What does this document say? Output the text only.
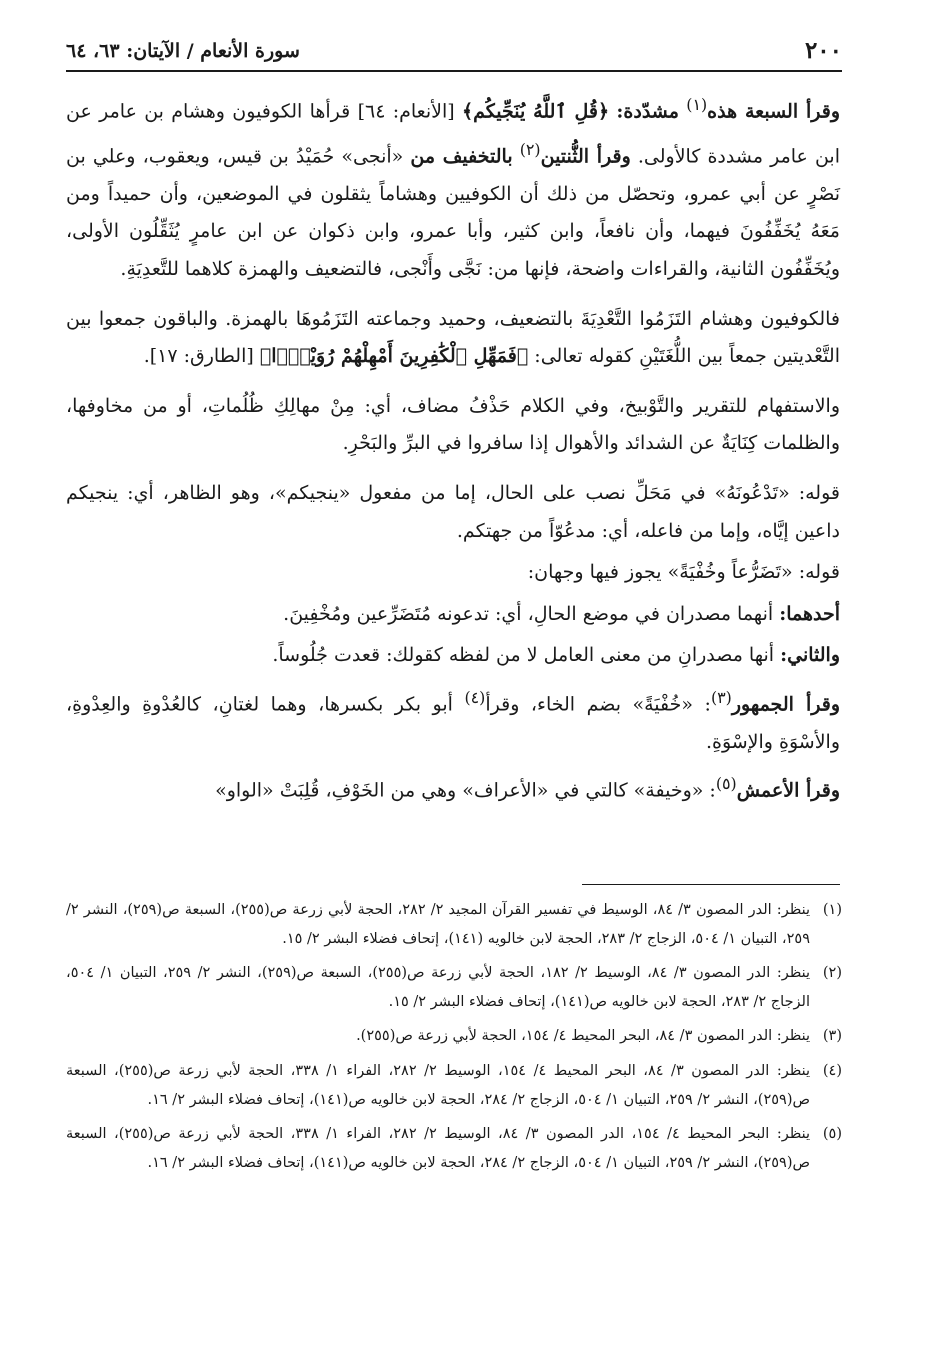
٢٠٠
سورة الأنعام / الآيتان: ٦٣، ٦٤

وقرأ السبعة هذه$^{(١)}$ مشدّدة: ﴿قُلِ ٱللَّهُ يُنَجِّيكُم﴾ [الأنعام: ٦٤] قرأها الكوفيون وهشام بن عامر عن ابن عامر مشددة كالأولى. وقرأ الثُّنتين$^{(٢)}$ بالتخفيف من «أنجى» حُمَيْدُ بن قيس، ويعقوب، وعلي بن نَصْرٍ عن أبي عمرو، وتحصّل من ذلك أن الكوفيين وهشاماً يثقلون في الموضعين، وأن حميداً ومن مَعَهُ يُخَفِّفُونَ فيهما، وأن نافعاً، وابن كثير، وأبا عمرو، وابن ذكوان عن ابن عامرٍ يُثَقِّلُون الأولى، ويُخَفِّفُون الثانية، والقراءات واضحة، فإنها من: نَجَّى وأَنْجى، فالتضعيف والهمزة كلاهما للتَّعدِيَةِ.

فالكوفيون وهشام التَزَمُوا التَّعْدِيَةَ بالتضعيف، وحميد وجماعته التَزَمُوهَا بالهمزة. والباقون جمعوا بين التَّعْديتين جمعاً بين اللُّغَتَيْنِ كقوله تعالى: ﴿فَمَهِّلِ ٱلْكَٰفِرِينَ أَمْهِلْهُمْ رُوَيْدًۢا﴾ [الطارق: ١٧].

والاستفهام للتقرير والتَّوْبيخ، وفي الكلام حَذْفُ مضاف، أي: مِنْ مهالِكِ ظُلُماتِ، أو من مخاوفها، والظلمات كِنَايَةٌ عن الشدائد والأهوال إذا سافروا في البرِّ والبَحْرِ.

قوله: «تَدْعُونَهُ» في مَحَلِّ نصب على الحال، إما من مفعول «ينجيكم»، وهو الظاهر، أي: ينجيكم داعين إيَّاه، وإما من فاعله، أي: مدعُوّاً من جهتكم.

قوله: «تَضَرُّعاً وخُفْيَةً» يجوز فيها وجهان:

أحدهما: أنهما مصدران في موضع الحالِ، أي: تدعونه مُتَضَرِّعين ومُخْفِينَ.

والثاني: أنها مصدرانِ من معنى العامل لا من لفظه كقولك: قعدت جُلُوساً.

وقرأ الجمهور$^{(٣)}$: «خُفْيَةً» بضم الخاء، وقرأ$^{(٤)}$ أبو بكر بكسرها، وهما لغتانِ، كالعُدْوةِ والعِدْوةِ، والأسْوَةِ والإسْوَةِ.

وقرأ الأعمش$^{(٥)}$: «وخيفة» كالتي في «الأعراف» وهي من الخَوْفِ، قُلِبَتْ «الواو»

(١)
ينظر: الدر المصون ٣/ ٨٤، الوسيط في تفسير القرآن المجيد ٢/ ٢٨٢، الحجة لأبي زرعة ص(٢٥٥)، السبعة ص(٢٥٩)، النشر ٢/ ٢٥٩، التبيان ١/ ٥٠٤، الزجاج ٢/ ٢٨٣، الحجة لابن خالويه (١٤١)، إتحاف فضلاء البشر ٢/ ١٥.
(٢)
ينظر: الدر المصون ٣/ ٨٤، الوسيط ٢/ ١٨٢، الحجة لأبي زرعة ص(٢٥٥)، السبعة ص(٢٥٩)، النشر ٢/ ٢٥٩، التبيان ١/ ٥٠٤، الزجاج ٢/ ٢٨٣، الحجة لابن خالويه ص(١٤١)، إتحاف فضلاء البشر ٢/ ١٥.
(٣)
ينظر: الدر المصون ٣/ ٨٤، البحر المحيط ٤/ ١٥٤، الحجة لأبي زرعة ص(٢٥٥).
(٤)
ينظر: الدر المصون ٣/ ٨٤، البحر المحيط ٤/ ١٥٤، الوسيط ٢/ ٢٨٢، الفراء ١/ ٣٣٨، الحجة لأبي زرعة ص(٢٥٥)، السبعة ص(٢٥٩)، النشر ٢/ ٢٥٩، التبيان ١/ ٥٠٤، الزجاج ٢/ ٢٨٤، الحجة لابن خالويه ص(١٤١)، إتحاف فضلاء البشر ٢/ ١٦.
(٥)
ينظر: البحر المحيط ٤/ ١٥٤، الدر المصون ٣/ ٨٤، الوسيط ٢/ ٢٨٢، الفراء ١/ ٣٣٨، الحجة لأبي زرعة ص(٢٥٥)، السبعة ص(٢٥٩)، النشر ٢/ ٢٥٩، التبيان ١/ ٥٠٤، الزجاج ٢/ ٢٨٤، الحجة لابن خالويه ص(١٤١)، إتحاف فضلاء البشر ٢/ ١٦.
